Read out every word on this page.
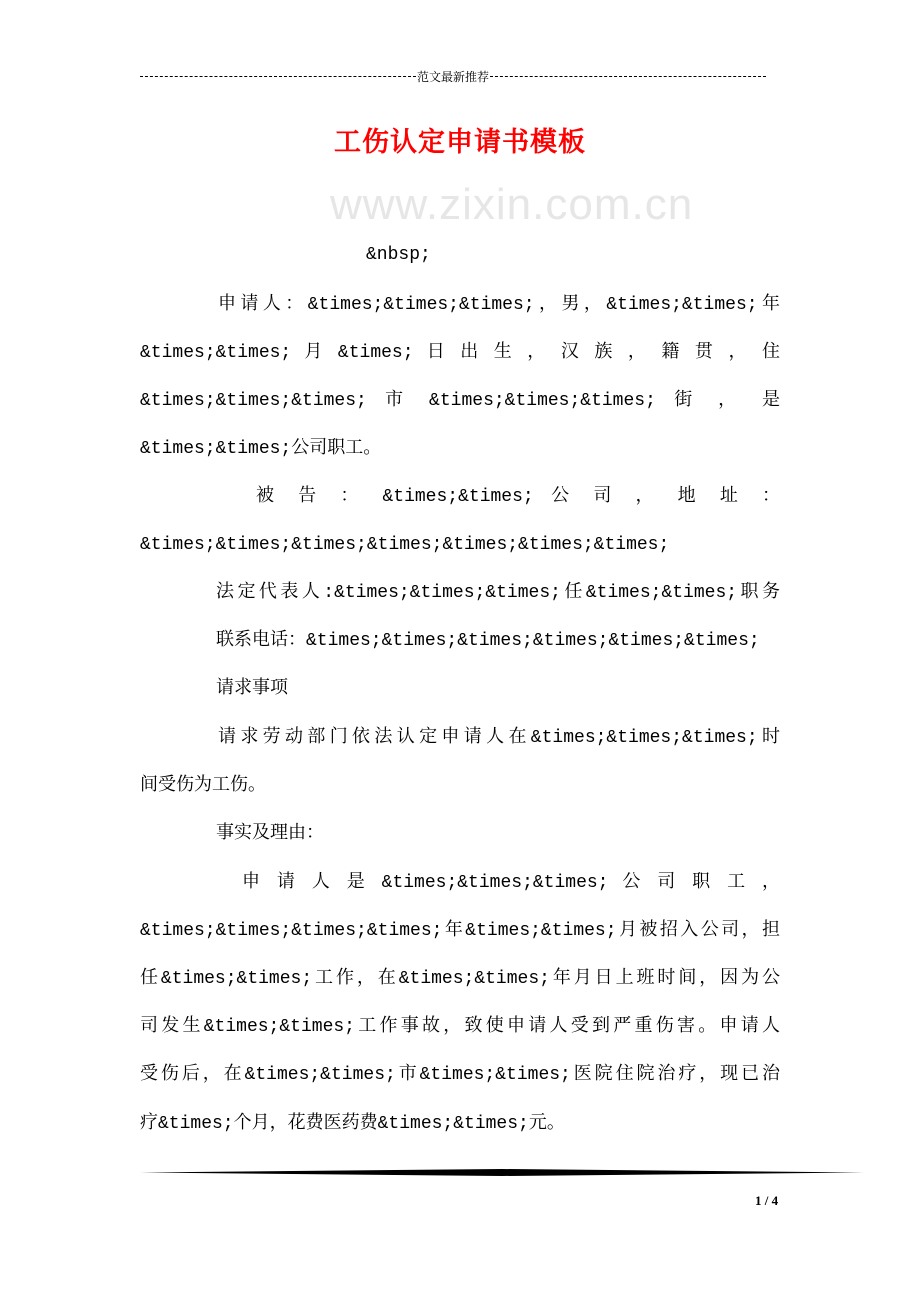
范文最新推荐
工伤认定申请书模板
www.zixin.com.cn
&nbsp;
申请人：&times;&times;&times;，男，&times;&times;年
&times;&times; 月 &times; 日 出 生 ， 汉 族 ， 籍 贯 ， 住
&times;&times;&times; 市 &times;&times;&times; 街 ， 是
&times;&times;公司职工。
被 告 ： &times;&times; 公 司 ， 地 址 ：
&times;&times;&times;&times;&times;&times;&times;
法定代表人:&times;&times;&times;任&times;&times;职务
联系电话：&times;&times;&times;&times;&times;&times;
请求事项
请求劳动部门依法认定申请人在&times;&times;&times;时
间受伤为工伤。
事实及理由：
申 请 人 是 &times;&times;&times; 公 司 职 工 ，
&times;&times;&times;&times;年&times;&times;月被招入公司，担
任&times;&times;工作，在&times;&times;年月日上班时间，因为公
司发生&times;&times;工作事故，致使申请人受到严重伤害。申请人
受伤后，在&times;&times;市&times;&times;医院住院治疗，现已治
疗&times;个月，花费医药费&times;&times;元。
1 / 4
